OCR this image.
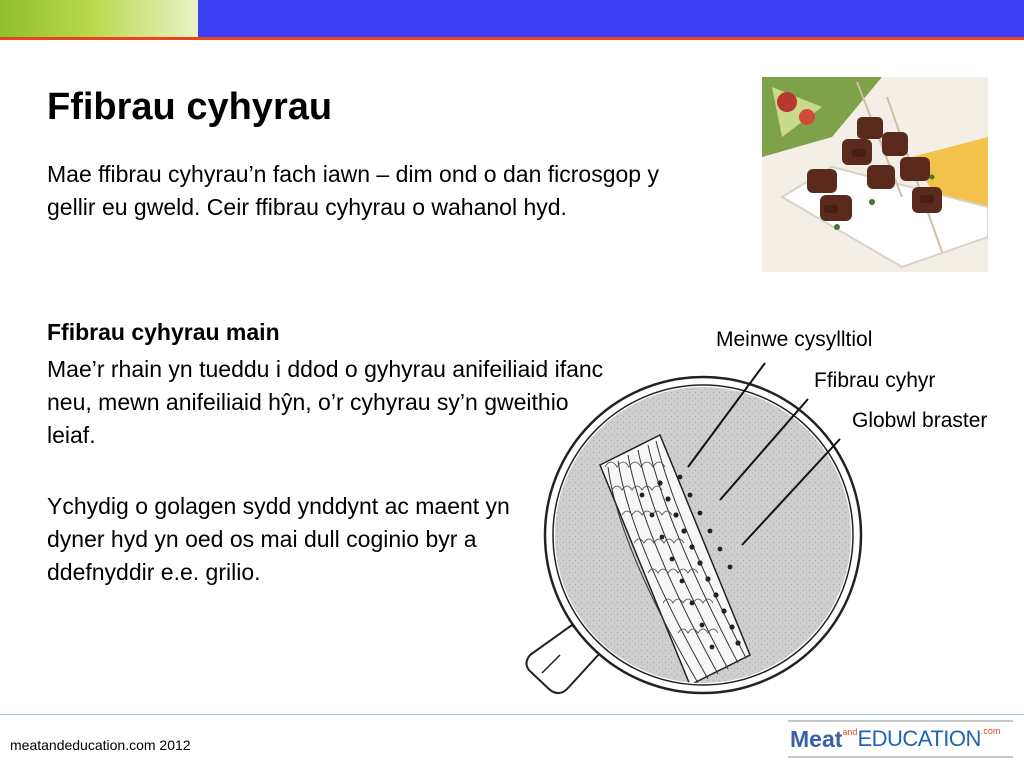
Ffibrau cyhyrau

Mae ffibrau cyhyrau’n fach iawn – dim ond o dan ficrosgop y gellir eu gweld. Ceir ffibrau cyhyrau o wahanol hyd.

Ffibrau cyhyrau main

Mae’r rhain yn tueddu i ddod o gyhyrau anifeiliaid ifanc neu, mewn anifeiliaid hŷn, o’r cyhyrau sy’n gweithio leiaf.

Ychydig o golagen sydd ynddynt ac maent yn dyner hyd yn oed os mai dull coginio byr a ddefnyddir e.e. grilio.

Meinwe cysylltiol
Ffibrau cyhyr
Globwl braster
meatandeducation.com 2012	Meat and EDUCATION .com
